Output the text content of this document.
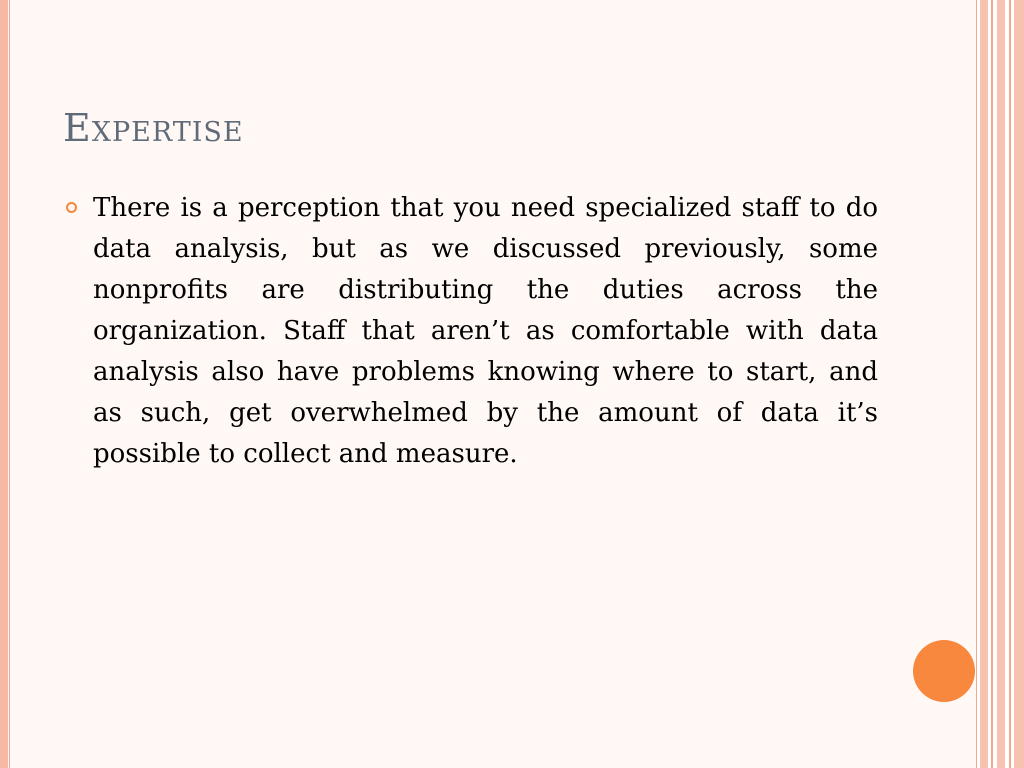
Expertise

There is a perception that you need specialized staff to do data analysis, but as we discussed previously, some nonprofits are distributing the duties across the organization. Staff that aren’t as comfortable with data analysis also have problems knowing where to start, and as such, get overwhelmed by the amount of data it’s possible to collect and measure.
